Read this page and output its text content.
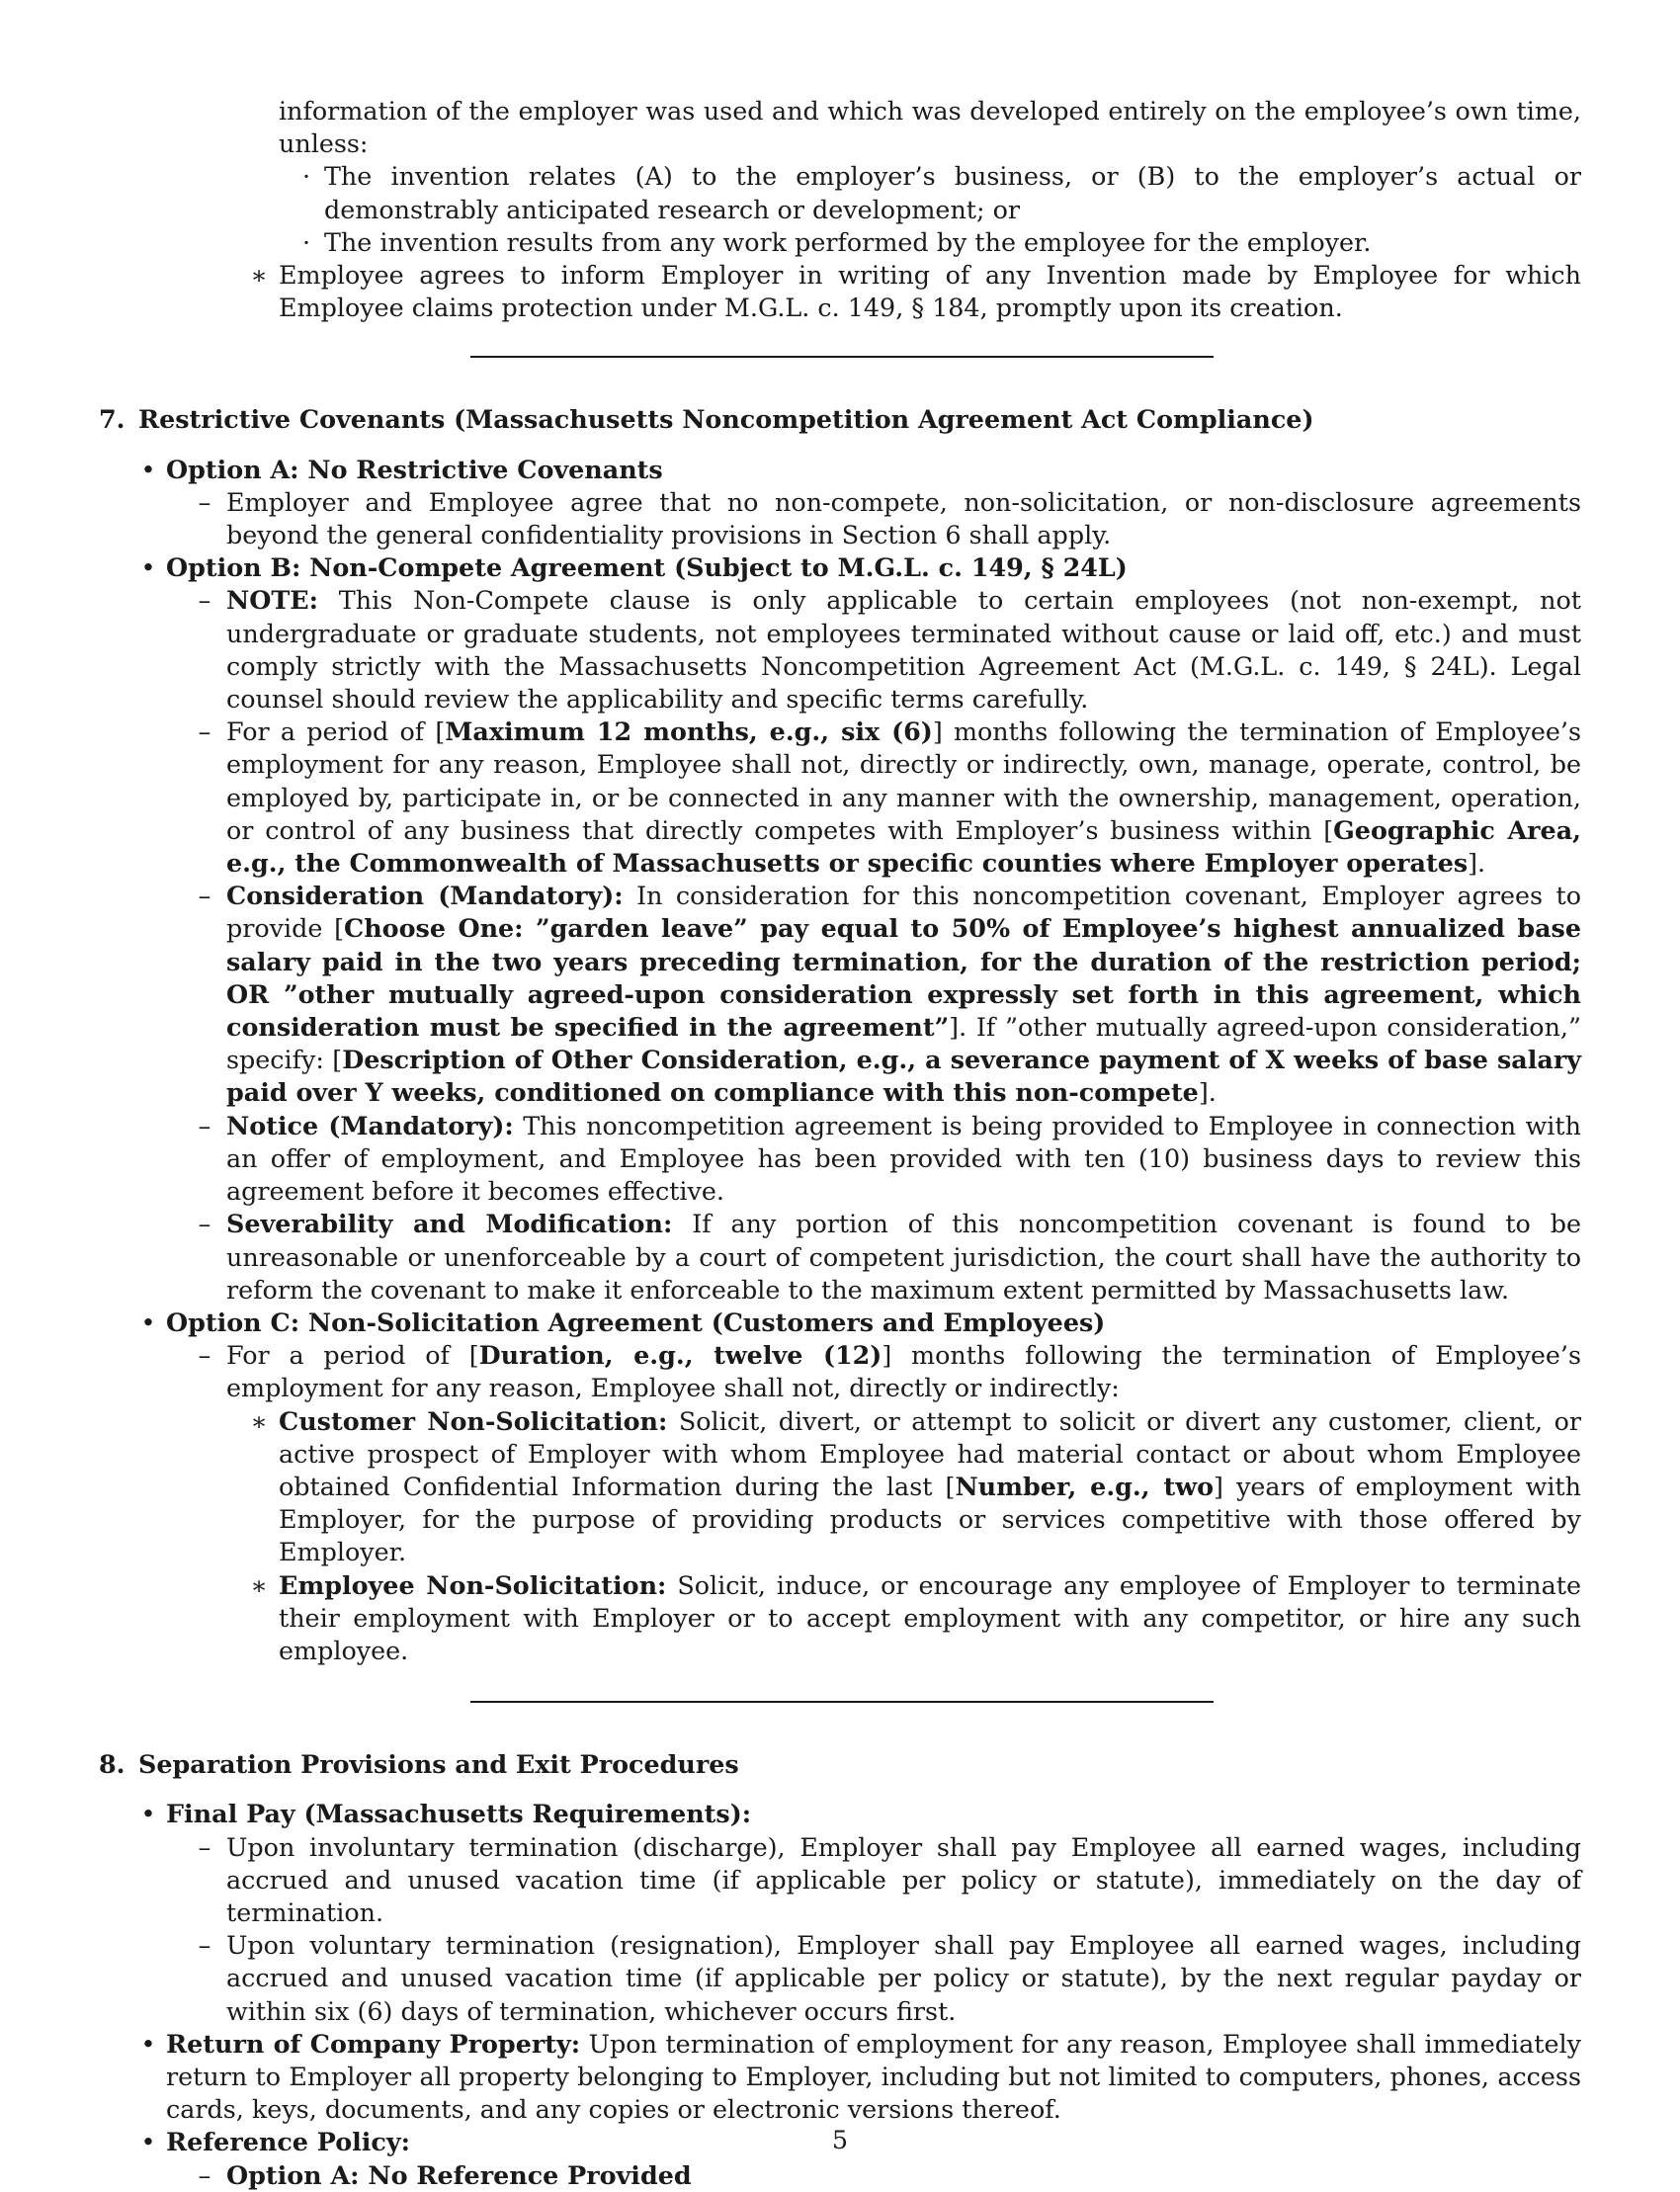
information of the employer was used and which was developed entirely on the employee’s own time, unless:

· The invention relates (A) to the employer’s business, or (B) to the employer’s actual or demonstrably anticipated research or development; or
· The invention results from any work performed by the employee for the employer.
∗ Employee agrees to inform Employer in writing of any Invention made by Employee for which Employee claims protection under M.G.L. c. 149, § 184, promptly upon its creation.
7. Restrictive Covenants (Massachusetts Noncompetition Agreement Act Compliance)
• Option A: No Restrictive Covenants
– Employer and Employee agree that no non-compete, non-solicitation, or non-disclosure agreements beyond the general confidentiality provisions in Section 6 shall apply.
• Option B: Non-Compete Agreement (Subject to M.G.L. c. 149, § 24L)
– NOTE: This Non-Compete clause is only applicable to certain employees (not non-exempt, not undergraduate or graduate students, not employees terminated without cause or laid off, etc.) and must comply strictly with the Massachusetts Noncompetition Agreement Act (M.G.L. c. 149, § 24L). Legal counsel should review the applicability and specific terms carefully.
– For a period of [Maximum 12 months, e.g., six (6)] months following the termination of Employee’s employment for any reason, Employee shall not, directly or indirectly, own, manage, operate, control, be employed by, participate in, or be connected in any manner with the ownership, management, operation, or control of any business that directly competes with Employer’s business within [Geographic Area, e.g., the Commonwealth of Massachusetts or specific counties where Employer operates].
– Consideration (Mandatory): In consideration for this noncompetition covenant, Employer agrees to provide [Choose One: ”garden leave” pay equal to 50% of Employee’s highest annualized base salary paid in the two years preceding termination, for the duration of the restriction period; OR ”other mutually agreed-upon consideration expressly set forth in this agreement, which consideration must be specified in the agreement”]. If ”other mutually agreed-upon consideration,” specify: [Description of Other Consideration, e.g., a severance payment of X weeks of base salary paid over Y weeks, conditioned on compliance with this non-compete].
– Notice (Mandatory): This noncompetition agreement is being provided to Employee in connection with an offer of employment, and Employee has been provided with ten (10) business days to review this agreement before it becomes effective.
– Severability and Modification: If any portion of this noncompetition covenant is found to be unreasonable or unenforceable by a court of competent jurisdiction, the court shall have the authority to reform the covenant to make it enforceable to the maximum extent permitted by Massachusetts law.
• Option C: Non-Solicitation Agreement (Customers and Employees)
– For a period of [Duration, e.g., twelve (12)] months following the termination of Employee’s employment for any reason, Employee shall not, directly or indirectly:
∗ Customer Non-Solicitation: Solicit, divert, or attempt to solicit or divert any customer, client, or active prospect of Employer with whom Employee had material contact or about whom Employee obtained Confidential Information during the last [Number, e.g., two] years of employment with Employer, for the purpose of providing products or services competitive with those offered by Employer.
∗ Employee Non-Solicitation: Solicit, induce, or encourage any employee of Employer to terminate their employment with Employer or to accept employment with any competitor, or hire any such employee.
8. Separation Provisions and Exit Procedures
• Final Pay (Massachusetts Requirements):
– Upon involuntary termination (discharge), Employer shall pay Employee all earned wages, including accrued and unused vacation time (if applicable per policy or statute), immediately on the day of termination.
– Upon voluntary termination (resignation), Employer shall pay Employee all earned wages, including accrued and unused vacation time (if applicable per policy or statute), by the next regular payday or within six (6) days of termination, whichever occurs first.
• Return of Company Property: Upon termination of employment for any reason, Employee shall immediately return to Employer all property belonging to Employer, including but not limited to computers, phones, access cards, keys, documents, and any copies or electronic versions thereof.
• Reference Policy:
– Option A: No Reference Provided
5
